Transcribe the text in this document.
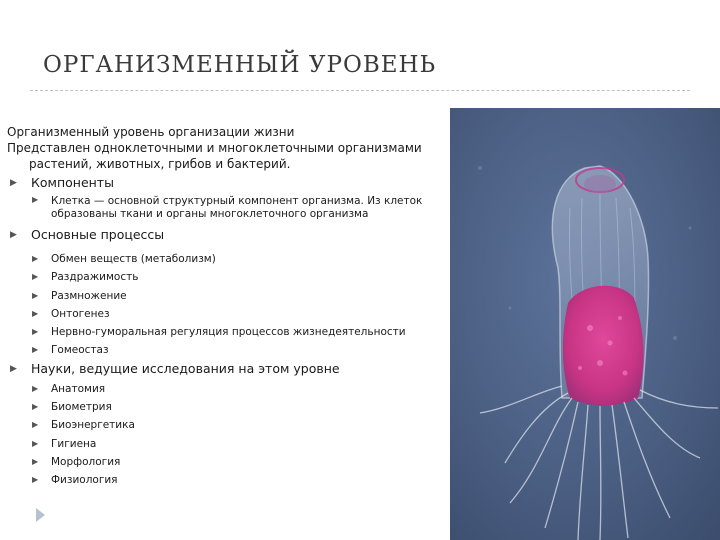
ОРГАНИЗМЕННЫЙ УРОВЕНЬ
Организменный уровень организации жизни
Представлен одноклеточными и многоклеточными организмами
растений, животных, грибов и бактерий.
▶ Компоненты
▶ Клетка — основной структурный компонент организма. Из клеток
образованы ткани и органы многоклеточного организма
▶ Основные процессы
▶ Обмен веществ (метаболизм)
▶ Раздражимость
▶ Размножение
▶ Онтогенез
▶ Нервно-гуморальная регуляция процессов жизнедеятельности
▶ Гомеостаз
▶ Науки, ведущие исследования на этом уровне
▶ Анатомия
▶ Биометрия
▶ Биоэнергетика
▶ Гигиена
▶ Морфология
▶ Физиология
